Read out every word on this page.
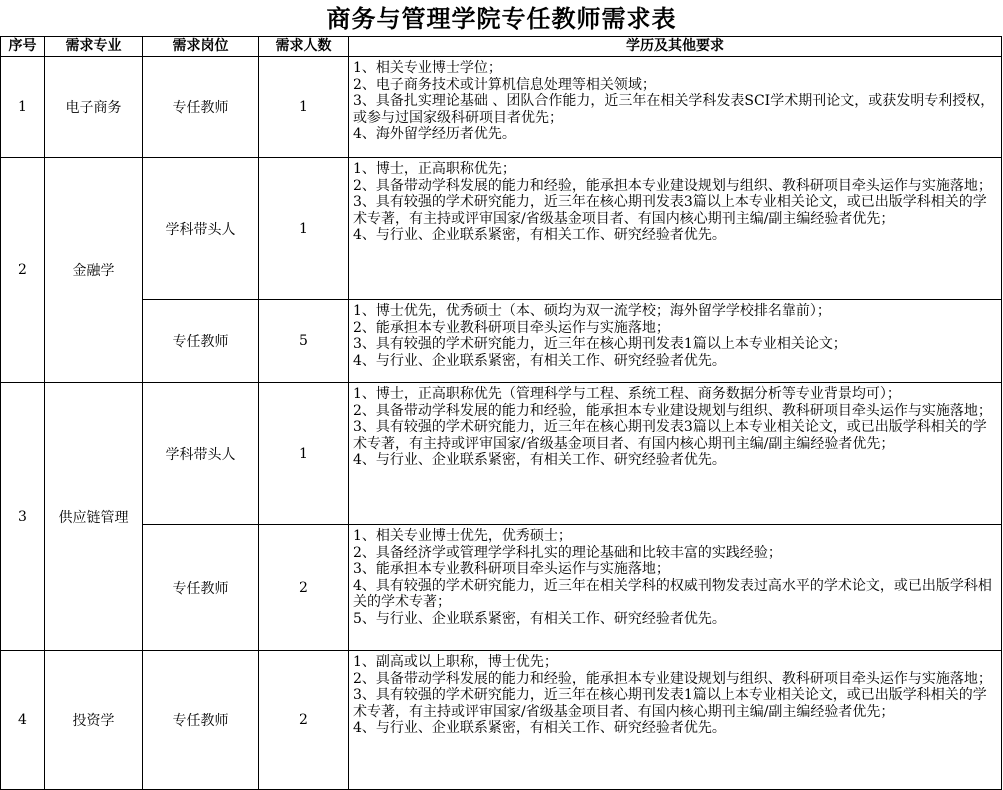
商务与管理学院专任教师需求表
序号	需求专业	需求岗位	需求人数	学历及其他要求
1	电子商务	专任教师	1	1、相关专业博士学位；
2、电子商务技术或计算机信息处理等相关领域；
3、具备扎实理论基础 、团队合作能力，近三年在相关学科发表SCI学术期刊论文，或获发明专利授权，或参与过国家级科研项目者优先；
4、海外留学经历者优先。

2	金融学	学科带头人	1	1、博士，正高职称优先；
2、具备带动学科发展的能力和经验，能承担本专业建设规划与组织、教科研项目牵头运作与实施落地；
3、具有较强的学术研究能力，近三年在核心期刊发表3篇以上本专业相关论文，或已出版学科相关的学术专著，有主持或评审国家/省级基金项目者、有国内核心期刊主编/副主编经验者优先；
4、与行业、企业联系紧密，有相关工作、研究经验者优先。

		专任教师	5	1、博士优先，优秀硕士（本、硕均为双一流学校；海外留学学校排名靠前）；
2、能承担本专业教科研项目牵头运作与实施落地；
3、具有较强的学术研究能力，近三年在核心期刊发表1篇以上本专业相关论文；
4、与行业、企业联系紧密，有相关工作、研究经验者优先。

3	供应链管理	学科带头人	1	1、博士，正高职称优先（管理科学与工程、系统工程、商务数据分析等专业背景均可）；
2、具备带动学科发展的能力和经验，能承担本专业建设规划与组织、教科研项目牵头运作与实施落地；
3、具有较强的学术研究能力，近三年在核心期刊发表3篇以上本专业相关论文，或已出版学科相关的学术专著，有主持或评审国家/省级基金项目者、有国内核心期刊主编/副主编经验者优先；
4、与行业、企业联系紧密，有相关工作、研究经验者优先。

		专任教师	2	1、相关专业博士优先，优秀硕士；
2、具备经济学或管理学学科扎实的理论基础和比较丰富的实践经验；
3、能承担本专业教科研项目牵头运作与实施落地；
4、具有较强的学术研究能力，近三年在相关学科的权威刊物发表过高水平的学术论文，或已出版学科相关的学术专著；
5、与行业、企业联系紧密，有相关工作、研究经验者优先。

4	投资学	专任教师	2	1、副高或以上职称，博士优先；
2、具备带动学科发展的能力和经验，能承担本专业建设规划与组织、教科研项目牵头运作与实施落地；
3、具有较强的学术研究能力，近三年在核心期刊发表1篇以上本专业相关论文，或已出版学科相关的学术专著，有主持或评审国家/省级基金项目者、有国内核心期刊主编/副主编经验者优先；
4、与行业、企业联系紧密，有相关工作、研究经验者优先。
